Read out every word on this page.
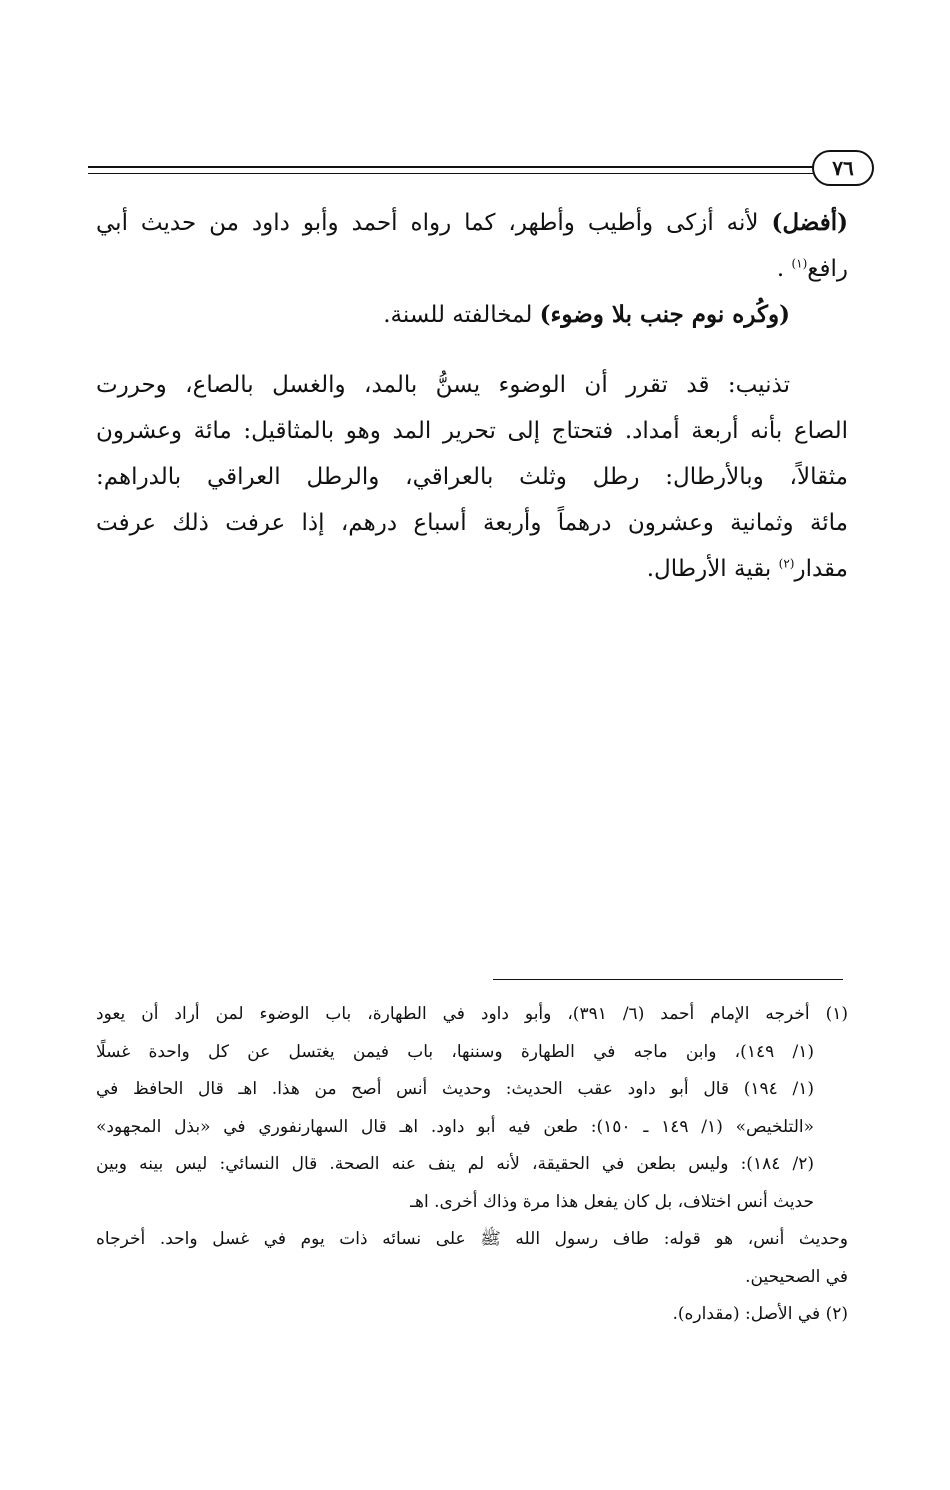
٧٦
(أفضل) لأنه أزكى وأطيب وأطهر، كما رواه أحمد وأبو داود من حديث أبي
رافع$^{(١)}$ .
(وكُره نوم جنب بلا وضوء) لمخالفته للسنة.
تذنيب: قد تقرر أن الوضوء يسنُّ بالمد، والغسل بالصاع، وحررت
الصاع بأنه أربعة أمداد. فتحتاج إلى تحرير المد وهو بالمثاقيل: مائة وعشرون
مثقالاً، وبالأرطال: رطل وثلث بالعراقي، والرطل العراقي بالدراهم:
مائة وثمانية وعشرون درهماً وأربعة أسباع درهم، إذا عرفت ذلك عرفت
مقدار$^{(٢)}$ بقية الأرطال.
(١) أخرجه الإمام أحمد (٦/ ٣٩١)، وأبو داود في الطهارة، باب الوضوء لمن أراد أن يعود
(١/ ١٤٩)، وابن ماجه في الطهارة وسننها، باب فيمن يغتسل عن كل واحدة غسلًا
(١/ ١٩٤) قال أبو داود عقب الحديث: وحديث أنس أصح من هذا. اهـ قال الحافظ في
«التلخيص» (١/ ١٤٩ ـ ١٥٠): طعن فيه أبو داود. اهـ قال السهارنفوري في «بذل المجهود»
(٢/ ١٨٤): وليس بطعن في الحقيقة، لأنه لم ينف عنه الصحة. قال النسائي: ليس بينه وبين
حديث أنس اختلاف، بل كان يفعل هذا مرة وذاك أخرى. اهـ
وحديث أنس، هو قوله: طاف رسول الله ﷺ على نسائه ذات يوم في غسل واحد. أخرجاه
في الصحيحين.
(٢) في الأصل: (مقداره).
